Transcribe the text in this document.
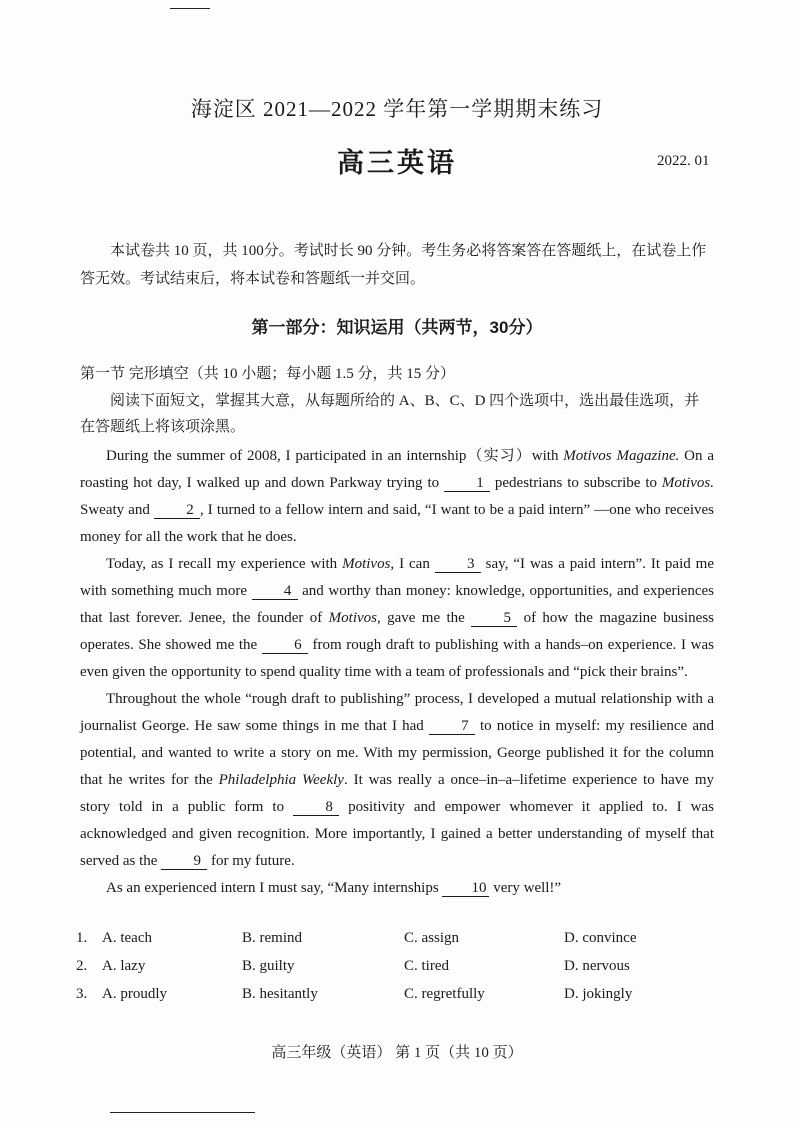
海淀区 2021—2022 学年第一学期期末练习
高三英语	2022. 01
本试卷共 10 页，共 100分。考试时长 90 分钟。考生务必将答案答在答题纸上，在试卷上作答无效。考试结束后，将本试卷和答题纸一并交回。
第一部分：知识运用（共两节，30分）
第一节 完形填空（共 10 小题；每小题 1.5 分，共 15 分）
阅读下面短文，掌握其大意，从每题所给的 A、B、C、D 四个选项中，选出最佳选项，并在答题纸上将该项涂黑。

During the summer of 2008, I participated in an internship（实习）with Motivos Magazine. On a roasting hot day, I walked up and down Parkway trying to 1 pedestrians to subscribe to Motivos. Sweaty and 2 , I turned to a fellow intern and said, “I want to be a paid intern” —one who receives money for all the work that he does.

Today, as I recall my experience with Motivos, I can 3 say, “I was a paid intern”. It paid me with something much more 4 and worthy than money: knowledge, opportunities, and experiences that last forever. Jenee, the founder of Motivos, gave me the 5 of how the magazine business operates. She showed me the 6 from rough draft to publishing with a hands–on experience. I was even given the opportunity to spend quality time with a team of professionals and “pick their brains”.

Throughout the whole “rough draft to publishing” process, I developed a mutual relationship with a journalist George. He saw some things in me that I had 7 to notice in myself: my resilience and potential, and wanted to write a story on me. With my permission, George published it for the column that he writes for the Philadelphia Weekly. It was really a once–in–a–lifetime experience to have my story told in a public form to 8 positivity and empower whomever it applied to. I was acknowledged and given recognition. More importantly, I gained a better understanding of myself that served as the 9 for my future.

As an experienced intern I must say, “Many internships 10 very well!”

1. A. teach	B. remind	C. assign	D. convince
2. A. lazy	B. guilty	C. tired	D. nervous
3. A. proudly	B. hesitantly	C. regretfully	D. jokingly
高三年级（英语） 第 1 页（共 10 页）
